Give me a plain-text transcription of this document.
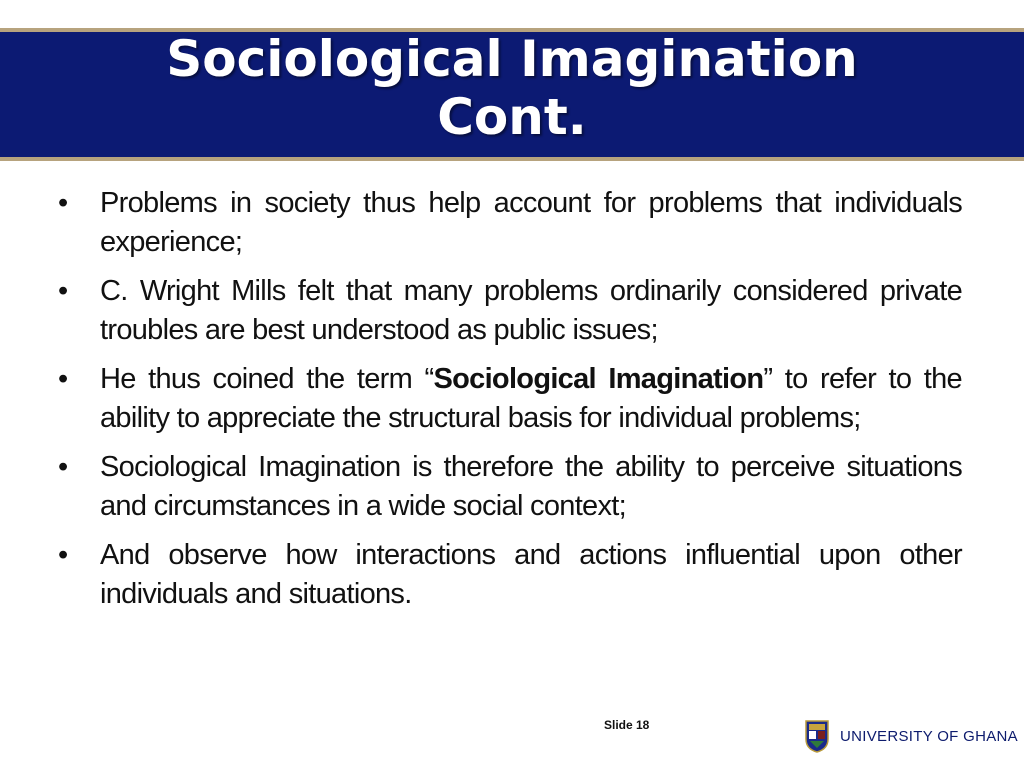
Sociological Imagination
Cont.
•	Problems in society thus help account for problems that individuals experience;
•	C. Wright Mills felt that many problems ordinarily considered private troubles are best understood as public issues;
•	He thus coined the term “Sociological Imagination” to refer to the ability to appreciate the structural basis for individual problems;
•	Sociological Imagination is therefore the ability to perceive situations and circumstances in a wide social context;
•	And observe how interactions and actions influential upon other individuals and situations.
Slide 18
UNIVERSITY OF GHANA
